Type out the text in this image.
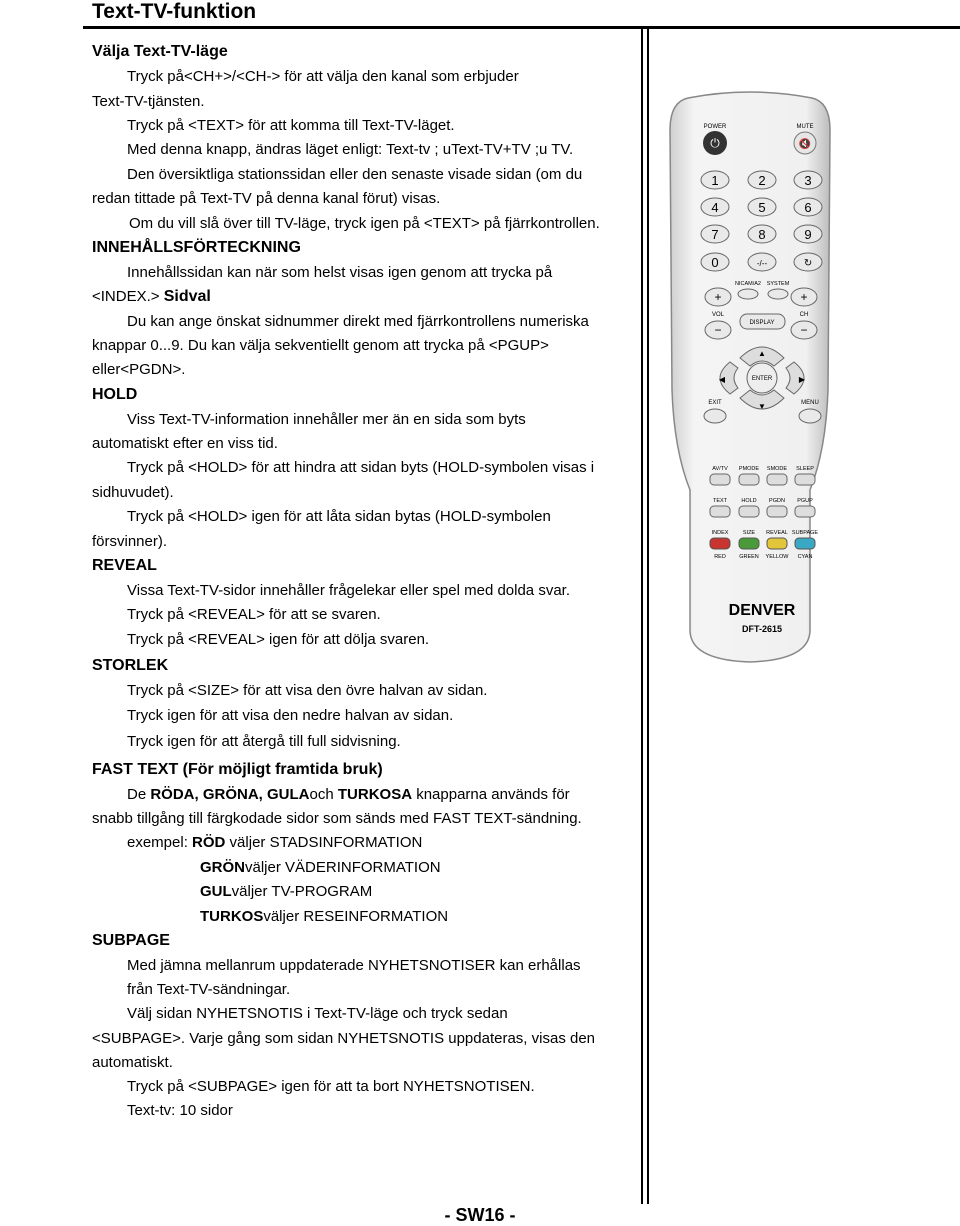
Text-TV-funktion
Välja Text-TV-läge
Tryck på<CH+>/<CH-> för att välja den kanal som erbjuder
Text-TV-tjänsten.
Tryck på <TEXT> för att komma till Text-TV-läget.
Med denna knapp, ändras läget enligt: Text-tv ; uText-TV+TV ;u TV.
Den översiktliga stationssidan eller den senaste visade sidan (om du
redan tittade på Text-TV på denna kanal förut) visas.
Om du vill slå över till TV-läge, tryck igen på <TEXT> på fjärrkontrollen.
INNEHÅLLSFÖRTECKNING
Innehållssidan kan när som helst visas igen genom att trycka på
<INDEX.> Sidval
Du kan ange önskat sidnummer direkt med fjärrkontrollens numeriska
knappar 0...9. Du kan välja sekventiellt genom att trycka på <PGUP>
eller<PGDN>.
HOLD
Viss Text-TV-information innehåller mer än en sida som byts
automatiskt efter en viss tid.
Tryck på <HOLD> för att hindra att sidan byts (HOLD-symbolen visas i
sidhuvudet).
Tryck på <HOLD> igen för att låta sidan bytas (HOLD-symbolen
försvinner).
REVEAL
Vissa Text-TV-sidor innehåller frågelekar eller spel med dolda svar.
Tryck på <REVEAL> för att se svaren.
Tryck på <REVEAL> igen för att dölja svaren.
STORLEK
Tryck på <SIZE> för att visa den övre halvan av sidan.
Tryck igen för att visa den nedre halvan av sidan.
Tryck igen för att återgå till full sidvisning.
FAST TEXT (För möjligt framtida bruk)
De RÖDA, GRÖNA, GULAoch TURKOSA knapparna används för
snabb tillgång till färgkodade sidor som sänds med FAST TEXT-sändning.
exempel: RÖD väljer STADSINFORMATION
GRÖNväljer VÄDERINFORMATION
GULväljer TV-PROGRAM
TURKOSväljer RESEINFORMATION
SUBPAGE
Med jämna mellanrum uppdaterade NYHETSNOTISER kan erhållas
från Text-TV-sändningar.
Välj sidan NYHETSNOTIS i Text-TV-läge och tryck sedan
<SUBPAGE>. Varje gång som sidan NYHETSNOTIS uppdateras, visas den
automatiskt.
Tryck på <SUBPAGE> igen för att ta bort NYHETSNOTISEN.
Text-tv: 10 sidor
POWER
⏻
MUTE
🔇
1	2	3
4	5	6
7	8	9
0	-/--	↻
NICAM/A2 SYSTEM
+	+
VOL	CH
DISPLAY
−	−
▲
▼
◀	▶
ENTER
EXIT	MENU
AV/TV PMODE SMODE SLEEP
TEXT	HOLD PGDN PGUP
INDEX	SIZE REVEAL SUBPAGE
RED GREEN YELLOW CYAN
DENVER
DFT-2615
- SW16 -
